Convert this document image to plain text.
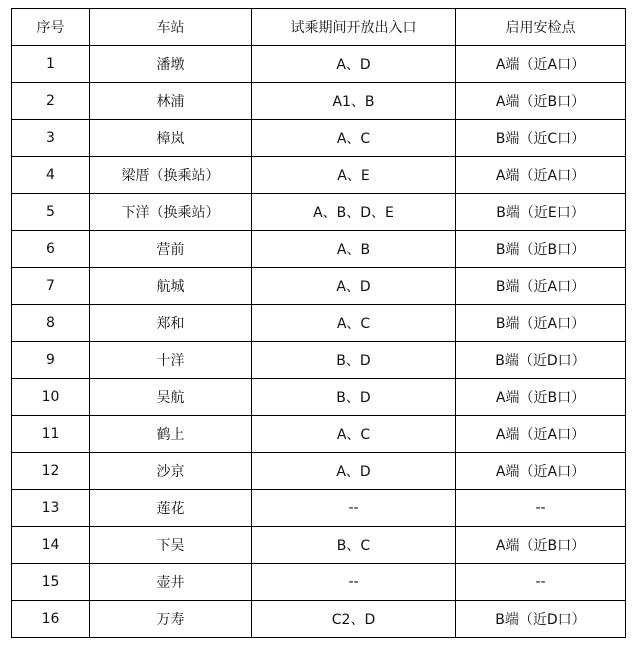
序号	车站	试乘期间开放出入口	启用安检点
1	潘墩	A、D	A端（近A口）
2	林浦	A1、B	A端（近B口）
3	樟岚	A、C	B端（近C口）
4	梁厝（换乘站）	A、E	A端（近A口）
5	下洋（换乘站）	A、B、D、E	B端（近E口）
6	营前	A、B	B端（近B口）
7	航城	A、D	B端（近A口）
8	郑和	A、C	B端（近A口）
9	十洋	B、D	B端（近D口）
10	吴航	B、D	A端（近B口）
11	鹤上	A、C	A端（近A口）
12	沙京	A、D	A端（近A口）
13	莲花	--	--
14	下吴	B、C	A端（近B口）
15	壶井	--	--
16	万寿	C2、D	B端（近D口）
